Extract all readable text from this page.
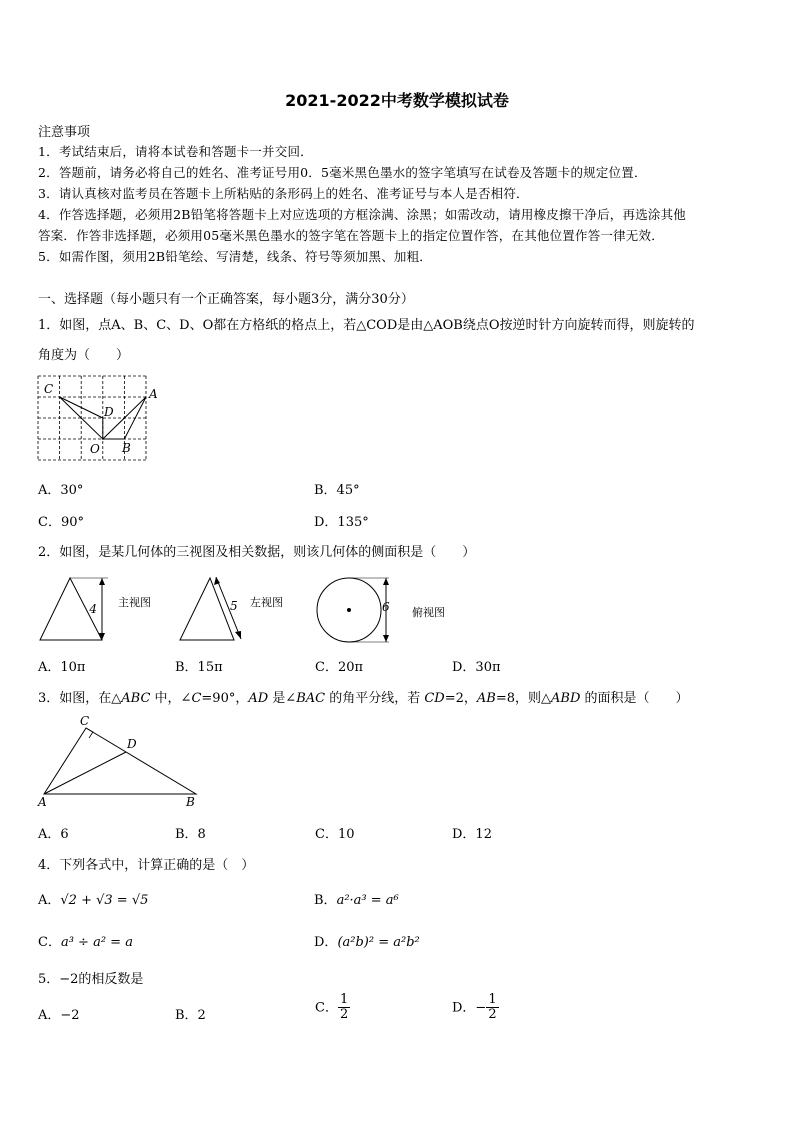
2021-2022中考数学模拟试卷
注意事项
1．考试结束后，请将本试卷和答题卡一并交回．
2．答题前，请务必将自己的姓名、准考证号用0．5毫米黑色墨水的签字笔填写在试卷及答题卡的规定位置．
3．请认真核对监考员在答题卡上所粘贴的条形码上的姓名、准考证号与本人是否相符．
4．作答选择题，必须用2B铅笔将答题卡上对应选项的方框涂满、涂黑；如需改动，请用橡皮擦干净后，再选涂其他
答案．作答非选择题，必须用05毫米黑色墨水的签字笔在答题卡上的指定位置作答，在其他位置作答一律无效．
5．如需作图，须用2B铅笔绘、写清楚，线条、符号等须加黑、加粗．
一、选择题（每小题只有一个正确答案，每小题3分，满分30分）
1．如图，点A、B、C、D、O都在方格纸的格点上，若△COD是由△AOB绕点O按逆时针方向旋转而得，则旋转的
角度为（　　）
C	A
D
O B
A．30°	B．45°
C．90°	D．135°
2．如图，是某几何体的三视图及相关数据，则该几何体的侧面积是（　　）
4 主视图	5 左视图	6 俯视图
A．10π	B．15π	C．20π	D．30π
3．如图，在△ABC 中，∠C=90°，AD 是∠BAC 的角平分线，若 CD=2，AB=8，则△ABD 的面积是（　　）
C
D
A	B
A．6	B．8	C．10	D．12
4．下列各式中，计算正确的是（　）
A．√2 + √3 = √5	B．a²·a³ = a⁶
C．a³ ÷ a² = a	D．(a²b)² = a²b²
5．−2的相反数是
A．−2	B．2
C． $\frac{1}{2}$	D．− $\frac{1}{2}$
